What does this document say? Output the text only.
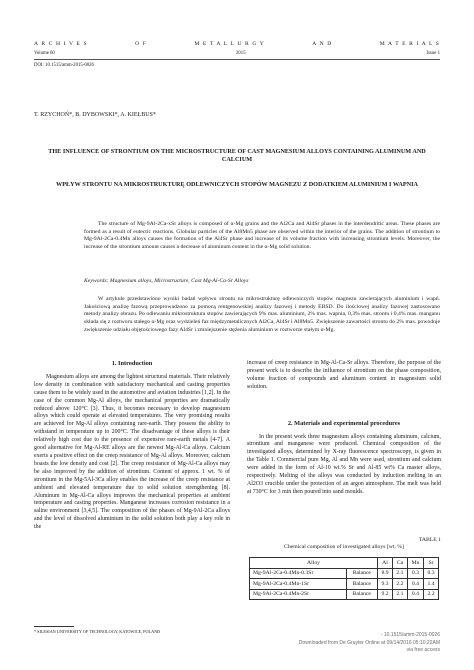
A R C H I V E S	O F	M E T A L L U R G Y	A N D	M A T E R I A L S
Volume 60	2015	Issue 1
DOI: 10.1515/amm-2015-0026
T. RZYCHOŃ*, B. DYBOWSKI*, A. KIEŁBUS*
THE INFLUENCE OF STRONTIUM ON THE MICROSTRUCTURE OF CAST MAGNESIUM ALLOYS CONTAINING ALUMINUM AND CALCIUM
WPŁYW STRONTU NA MIKROSTRUKTURĘ ODLEWNICZYCH STOPÓW MAGNEZU Z DODATKIEM ALUMINIUM I WAPNIA

The structure of Mg-9Al-2Ca-xSr alloys is composed of α-Mg grains and the Al2Ca and Al4Sr phases in the interdendritic areas. These phases are formed as a result of eutectic reactions. Globular particles of the Al8Mn5 phase are observed within the interior of the grains. The addition of strontium to Mg-9Al-2Ca-0.4Mn alloys causes the formation of the Al4Sr phase and increase of its volume fraction with increasing strontium levels. Moreover, the increase of the strontium amount causes a decrease of aluminum content in the α-Mg solid solution.

Keywords: Magnesium alloys, Microstructure, Cast Mg-Al-Ca-Sr Alloys

W artykule przedstawiono wyniki badań wpływu strontu na mikrostrukturę odlewniczych stopów magnezu zawierających aluminium i wapń. Jakościową analizę fazową przeprowadzono za pomocą rentgenowskiej analizy fazowej i metody EBSD. Do ilościowej analizy fazowej zastosowano metody analizy obrazu. Po odlewaniu mikrostruktura stopów zawierających 9% mas. aluminium, 2% mas. wapnia, 0,3% mas. strontu i 0,4% mas. manganu składa się z roztworu stałego α-Mg oraz wydzieleń faz międzymetalicznych Al2Ca, Al4Sr i Al8Mn5. Zwiększenie zawartości strontu do 2% mas. powoduje zwiększenie udziału objętościowego fazy Al4Sr i zmniejszenie stężenia aluminium w roztworze stałym α-Mg.

1. Introduction

Magnesium alloys are among the lightest structural materials. Their relatively low density in combination with satisfactory mechanical and casting properties cause them to be widely used in the automotive and aviation industries [1,2]. In the case of the common Mg-Al alloys, the mechanical properties are dramatically reduced above 120°C [3]. Thus, it becomes necessary to develop magnesium alloys which could operate at elevated temperatures. The very promising results are achieved for Mg-Al alloys containing rare-earth. They possess the ability to withstand in temperature up to 200°C. The disadvantage of these alloys is their relatively high cost due to the presence of expensive rare-earth metals [4-7]. A good alternative for Mg-Al-RE alloys are the newest Mg-Al-Ca alloys. Calcium exerts a positive effect on the creep resistance of Mg-Al alloys. Moreover, calcium boasts the low density and cost [2]. The creep resistance of Mg-Al-Ca alloys may be also improved by the addition of strontium. Content of approx. 1 wt. % of strontium in the Mg-5Al-3Ca alloy enables the increase of the creep resistance at ambient and elevated temperature due to solid solution strengthening [8]. Aluminum in Mg-Al-Ca alloys improves the mechanical properties at ambient temperature and casting properties. Manganese increases corrosion resistance in a saline environment [3,4,5]. The composition of the phases of Mg-9Al-2Ca alloys and the level of dissolved aluminium in the solid solution both play a key role in the

increase of creep resistance in Mg-Al-Ca-Sr alloys. Therefore, the purpose of the present work is to describe the influence of strontium on the phase composition, volume fraction of compounds and aluminum content in magnesium solid solution.

2. Materials and experimental procedures

In the present work three magnesium alloys containing aluminum, calcium, strontium and manganese were produced. Chemical composition of the investigated alloys, determined by X-ray fluorescence spectroscopy, is given in the Table 1. Commercial pure Mg, Al and Mn were used, strontium and calcium were added in the form of Al-10 wt.% Sr and Al-85 wt% Ca master alloys, respectively. Melting of the alloys was conducted by induction melting in an Al2O3 crucible under the protection of an argon atmosphere. The melt was held at 730°C for 3 min then poured into sand moulds.

TABLE 1
Chemical composition of investigated alloys [wt. %]
Alloy		Al	Ca	Mn	Sr
Mg-9Al-2Ca-0.4Mn-0.3Sr	Balance	8.9	2.1	0.3	0.3
Mg-9Al-2Ca-0.4Mn-1Sr	Balance	9.3	2.2	0.4	1.4
Mg-9Al-2Ca-0.4Mn-2Sr	Balance	9.2	2.1	0.4	2.2
* SILESIAN UNIVERSITY OF TECHNOLOGY, KATOWICE, POLAND
- 10.1515/amm-2015-0026
Downloaded from De Gruyter Online at 09/14/2016 05:10:22AM
via free access
